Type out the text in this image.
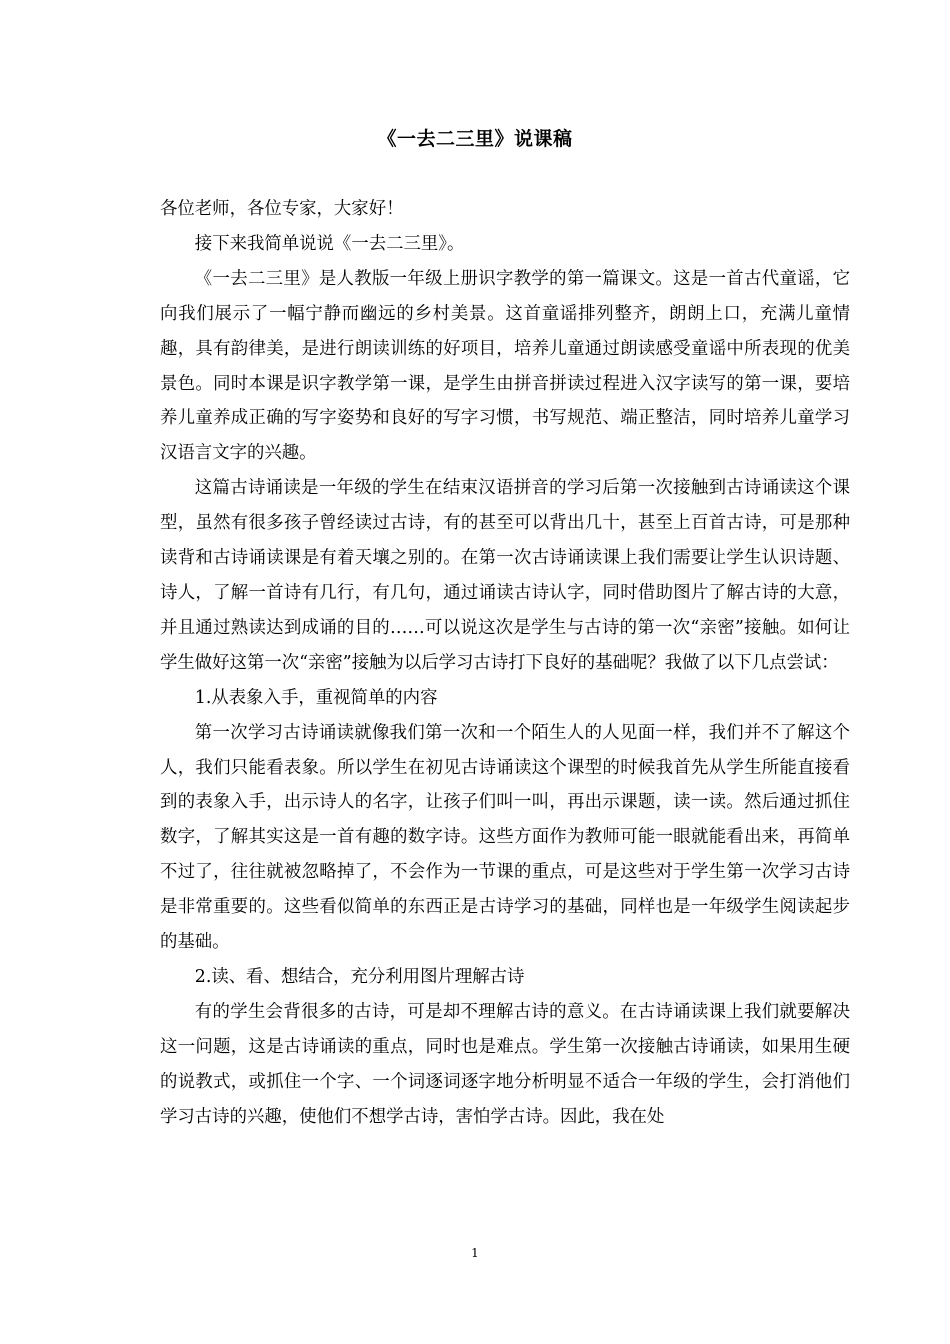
《一去二三里》说课稿

各位老师，各位专家，大家好！

接下来我简单说说《一去二三里》。

《一去二三里》是人教版一年级上册识字教学的第一篇课文。这是一首古代童谣，它向我们展示了一幅宁静而幽远的乡村美景。这首童谣排列整齐，朗朗上口，充满儿童情趣，具有韵律美，是进行朗读训练的好项目，培养儿童通过朗读感受童谣中所表现的优美景色。同时本课是识字教学第一课，是学生由拼音拼读过程进入汉字读写的第一课，要培养儿童养成正确的写字姿势和良好的写字习惯，书写规范、端正整洁，同时培养儿童学习汉语言文字的兴趣。

这篇古诗诵读是一年级的学生在结束汉语拼音的学习后第一次接触到古诗诵读这个课型，虽然有很多孩子曾经读过古诗，有的甚至可以背出几十，甚至上百首古诗，可是那种读背和古诗诵读课是有着天壤之别的。在第一次古诗诵读课上我们需要让学生认识诗题、诗人，了解一首诗有几行，有几句，通过诵读古诗认字，同时借助图片了解古诗的大意，并且通过熟读达到成诵的目的……可以说这次是学生与古诗的第一次“亲密”接触。如何让学生做好这第一次“亲密”接触为以后学习古诗打下良好的基础呢？我做了以下几点尝试：

1.从表象入手，重视简单的内容

第一次学习古诗诵读就像我们第一次和一个陌生人的人见面一样，我们并不了解这个人，我们只能看表象。所以学生在初见古诗诵读这个课型的时候我首先从学生所能直接看到的表象入手，出示诗人的名字，让孩子们叫一叫，再出示课题，读一读。然后通过抓住数字，了解其实这是一首有趣的数字诗。这些方面作为教师可能一眼就能看出来，再简单不过了，往往就被忽略掉了，不会作为一节课的重点，可是这些对于学生第一次学习古诗是非常重要的。这些看似简单的东西正是古诗学习的基础，同样也是一年级学生阅读起步的基础。

2.读、看、想结合，充分利用图片理解古诗

有的学生会背很多的古诗，可是却不理解古诗的意义。在古诗诵读课上我们就要解决这一问题，这是古诗诵读的重点，同时也是难点。学生第一次接触古诗诵读，如果用生硬的说教式，或抓住一个字、一个词逐词逐字地分析明显不适合一年级的学生，会打消他们学习古诗的兴趣，使他们不想学古诗，害怕学古诗。因此，我在处

1
